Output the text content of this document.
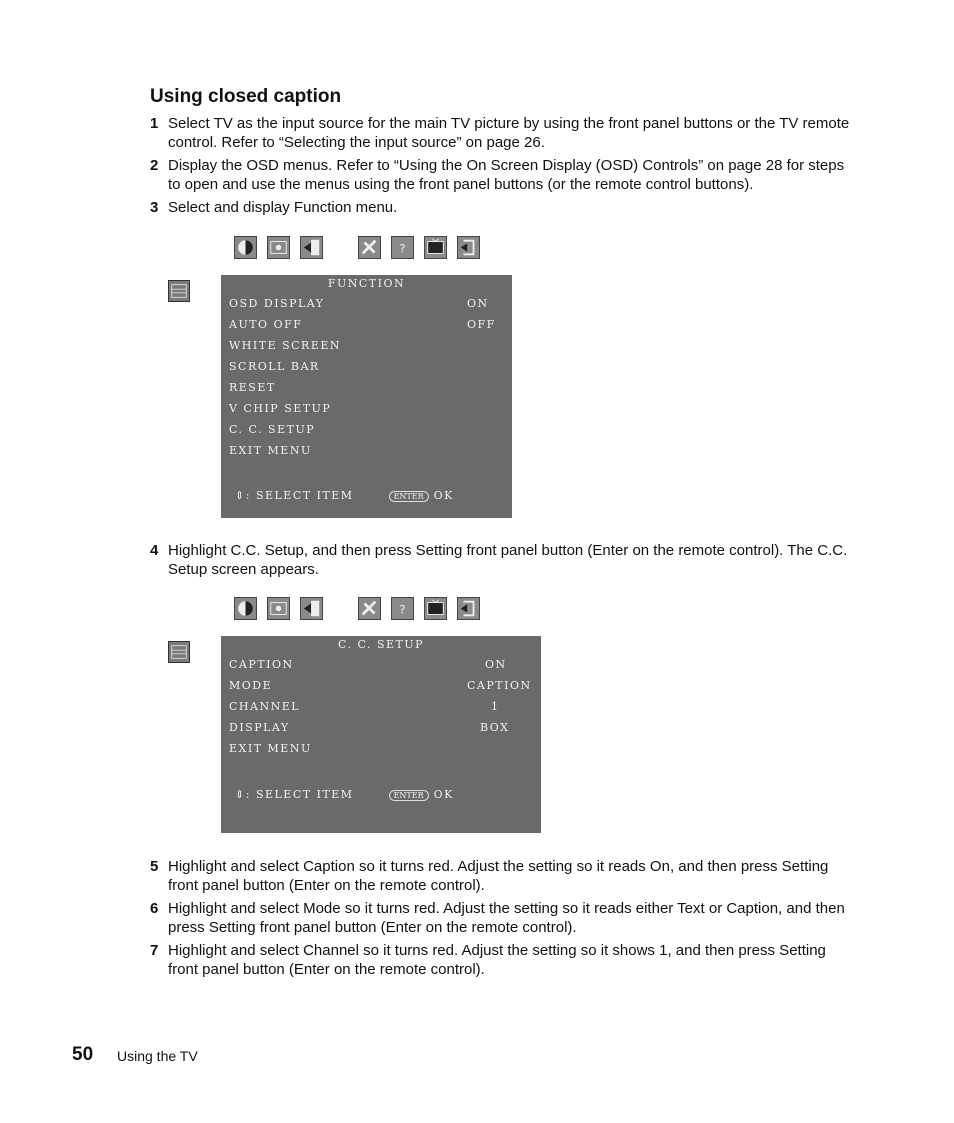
Using closed caption
1 Select TV as the input source for the main TV picture by using the front panel buttons or the TV remote control. Refer to “Selecting the input source” on page 26.
2 Display the OSD menus. Refer to “Using the On Screen Display (OSD) Controls” on page 28 for steps to open and use the menus using the front panel buttons (or the remote control buttons).
3 Select and display Function menu.
?
FUNCTION
OSD DISPLAY	ON
AUTO OFF	OFF
WHITE SCREEN
SCROLL BAR
RESET
V CHIP SETUP
C. C. SETUP
EXIT MENU
⇕: SELECT ITEM	ENTER OK
4 Highlight C.C. Setup, and then press Setting front panel button (Enter on the remote control). The C.C. Setup screen appears.
?
C. C. SETUP
CAPTION	ON
MODE	CAPTION
CHANNEL	1
DISPLAY	BOX
EXIT MENU
⇕: SELECT ITEM	ENTER OK
5 Highlight and select Caption so it turns red. Adjust the setting so it reads On, and then press Setting front panel button (Enter on the remote control).
6 Highlight and select Mode so it turns red. Adjust the setting so it reads either Text or Caption, and then press Setting front panel button (Enter on the remote control).
7 Highlight and select Channel so it turns red. Adjust the setting so it shows 1, and then press Setting front panel button (Enter on the remote control).
50 Using the TV
